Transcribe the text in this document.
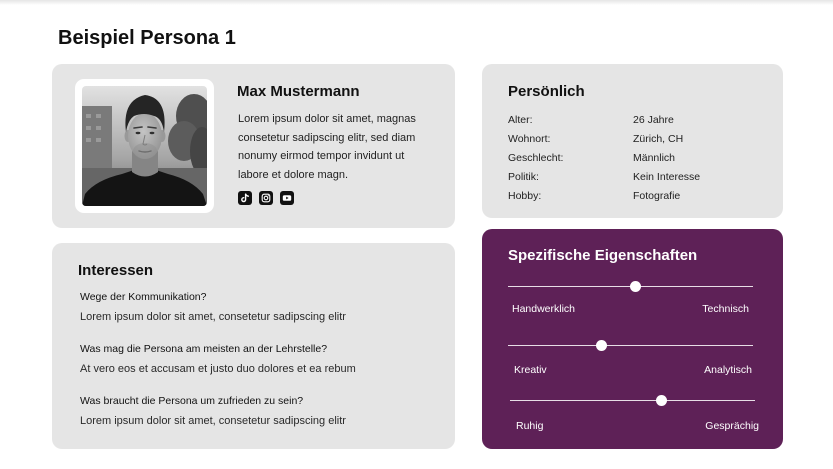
Beispiel Persona 1
Max Mustermann

Lorem ipsum dolor sit amet, magnas consetetur sadipscing elitr, sed diam nonumy eirmod tempor invidunt ut labore et dolore magn.

Persönlich
Alter:	26 Jahre
Wohnort:	Zürich, CH
Geschlecht:	Männlich
Politik:	Kein Interesse
Hobby:	Fotografie
Interessen
Wege der Kommunikation?
Lorem ipsum dolor sit amet, consetetur sadipscing elitr
Was mag die Persona am meisten an der Lehrstelle?
At vero eos et accusam et justo duo dolores et ea rebum
Was braucht die Persona um zufrieden zu sein?
Lorem ipsum dolor sit amet, consetetur sadipscing elitr
Spezifische Eigenschaften
Handwerklich	Technisch
Kreativ	Analytisch
Ruhig	Gesprächig
